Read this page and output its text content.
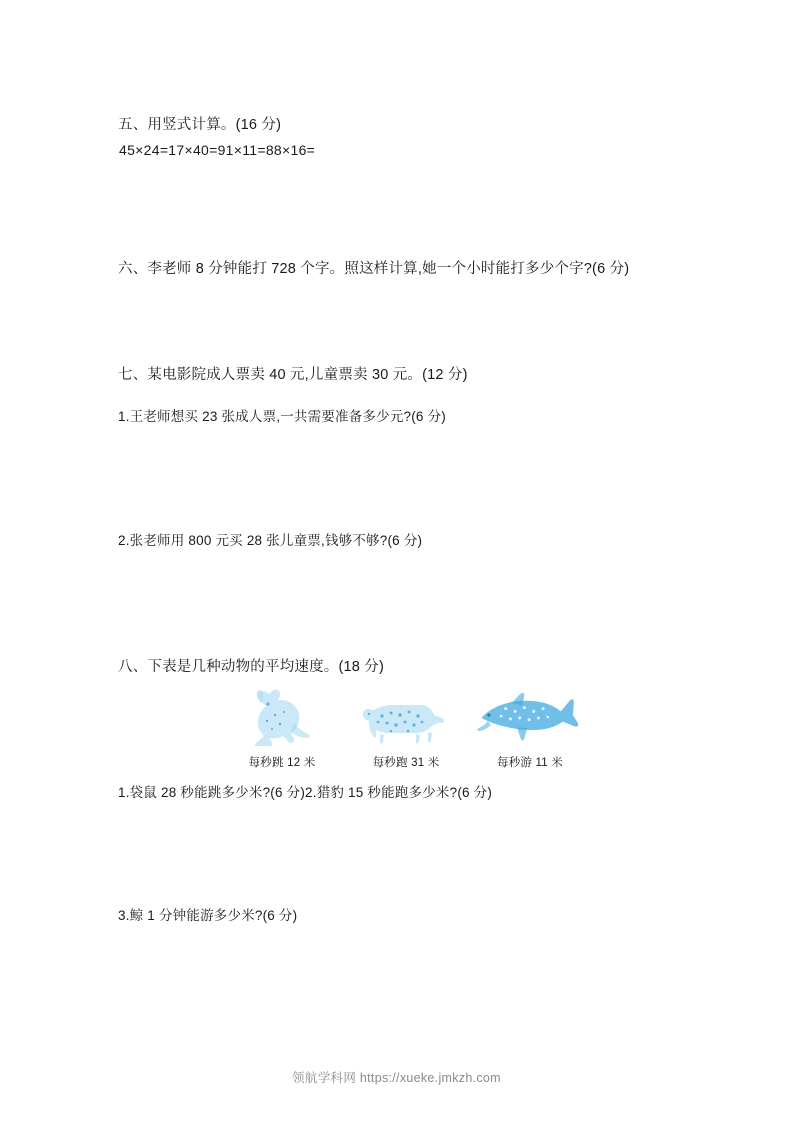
五、用竖式计算。(16 分)
45×24=17×40=91×11=88×16=
六、李老师 8 分钟能打 728 个字。照这样计算,她一个小时能打多少个字?(6 分)
七、某电影院成人票卖 40 元,儿童票卖 30 元。(12 分)
1.王老师想买 23 张成人票,一共需要准备多少元?(6 分)
2.张老师用 800 元买 28 张儿童票,钱够不够?(6 分)
八、下表是几种动物的平均速度。(18 分)
每秒跳 12 米	每秒跑 31 米	每秒游 11 米
1.袋鼠 28 秒能跳多少米?(6 分)2.猎豹 15 秒能跑多少米?(6 分)
3.鲸 1 分钟能游多少米?(6 分)
领航学科网 https://xueke.jmkzh.com
